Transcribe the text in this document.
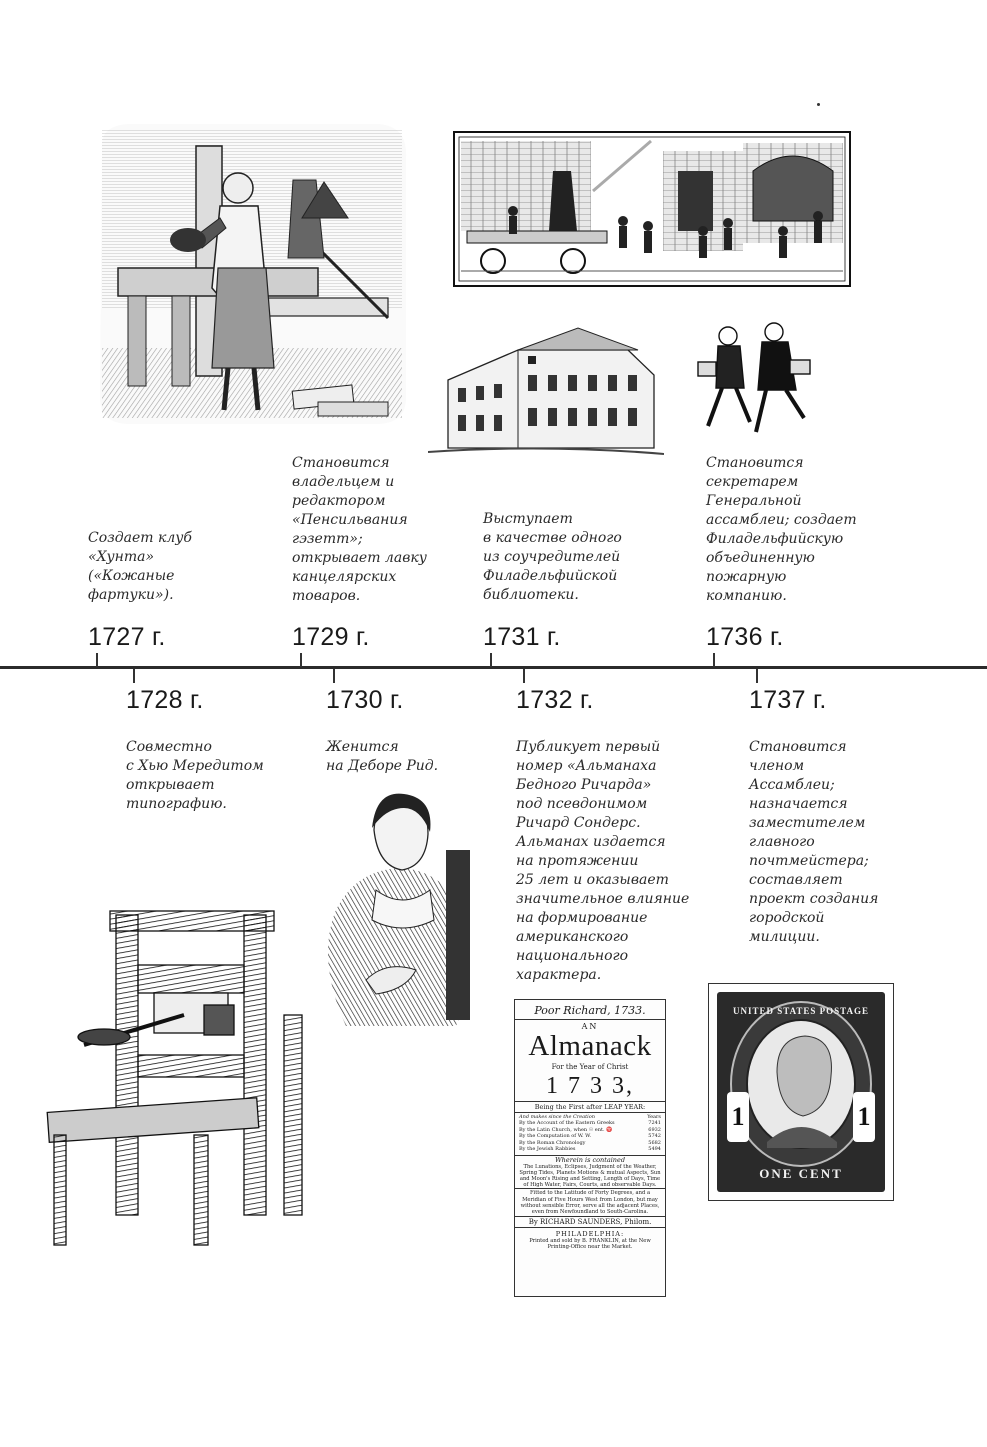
Создает клуб
«Хунта»
(«Кожаные
фартуки»).
Становится
владельцем и
редактором
«Пенсильвания
гэзетт»;
открывает лавку
канцелярских
товаров.
Выступает
в качестве одного
из соучредителей
Филадельфийской
библиотеки.
Становится
секретарем
Генеральной
ассамблеи; создает
Филадельфийскую
объединенную
пожарную
компанию.
1727 г.	1729 г.	1731 г.	1736 г.
1728 г.	1730 г.	1732 г.	1737 г.
Совместно
с Хью Мередитом
открывает
типографию.
Женится
на Деборе Рид.
Публикует первый
номер «Альманаха
Бедного Ричарда»
под псевдонимом
Ричард Сондерс.
Альманах издается
на протяжении
25 лет и оказывает
значительное влияние
на формирование
американского
национального
характера.
Становится
членом
Ассамблеи;
назначается
заместителем
главного
почтмейстера;
составляет
проект создания
городской
милиции.
Poor Richard, 1733.
AN
Almanack
For the Year of Christ
1 7 3 3,
Being the First after LEAP YEAR:
And makes since the Creation	Years
By the Account of the Eastern Greeks	7241
By the Latin Church, when ☉ ent. ♈	6932
By the Computation of W. W.	5742
By the Roman Chronology	5682
By the Jewish Rabbies	5494
Wherein is contained
The Lunations, Eclipses, Judgment of the Weather, Spring Tides, Planets Motions & mutual Aspects, Sun and Moon's Rising and Setting, Length of Days, Time of High Water, Fairs, Courts, and observable Days.
Fitted to the Latitude of Forty Degrees, and a Meridian of Five Hours West from London, but may without sensible Error, serve all the adjacent Places, even from Newfoundland to South-Carolina.
By RICHARD SAUNDERS, Philom.
PHILADELPHIA:
Printed and sold by B. FRANKLIN, at the New Printing-Office near the Market.
UNITED STATES POSTAGE
1	1
ONE CENT
